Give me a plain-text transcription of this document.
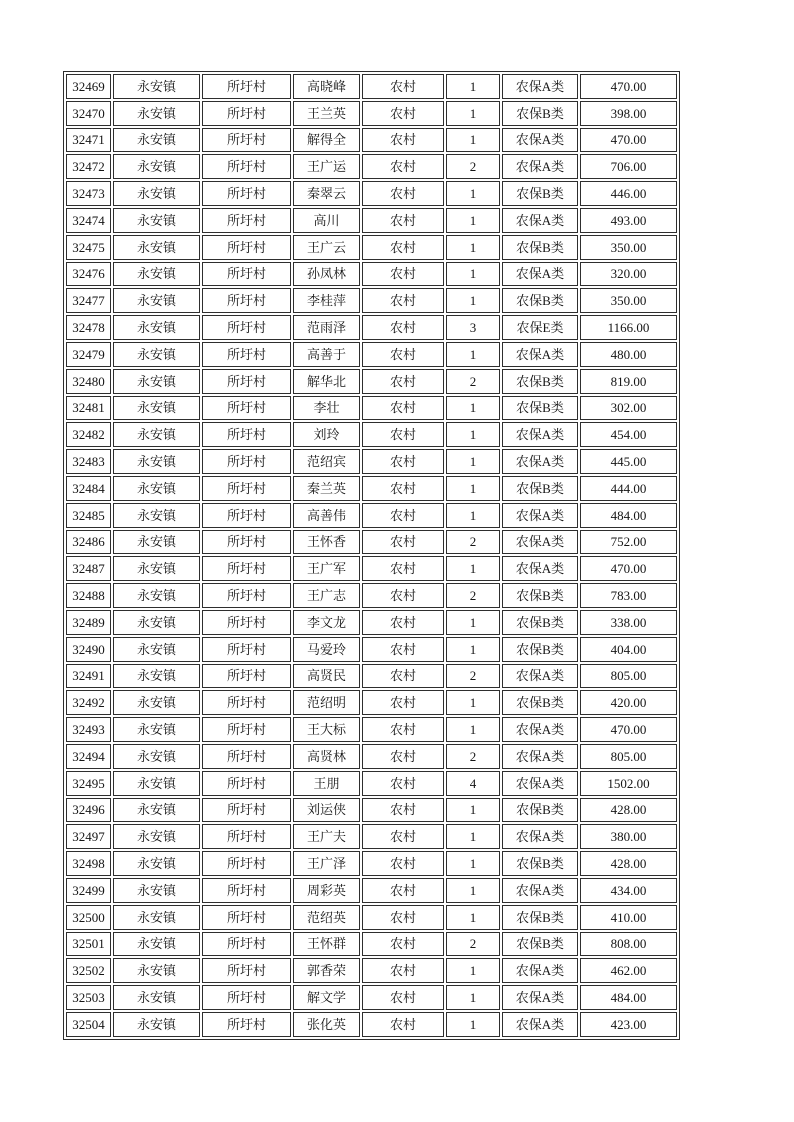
32469	永安镇	所圩村	高晓峰	农村	1	农保A类	470.00
32470	永安镇	所圩村	王兰英	农村	1	农保B类	398.00
32471	永安镇	所圩村	解得全	农村	1	农保A类	470.00
32472	永安镇	所圩村	王广运	农村	2	农保A类	706.00
32473	永安镇	所圩村	秦翠云	农村	1	农保B类	446.00
32474	永安镇	所圩村	高川	农村	1	农保A类	493.00
32475	永安镇	所圩村	王广云	农村	1	农保B类	350.00
32476	永安镇	所圩村	孙凤林	农村	1	农保A类	320.00
32477	永安镇	所圩村	李桂萍	农村	1	农保B类	350.00
32478	永安镇	所圩村	范雨泽	农村	3	农保E类	1166.00
32479	永安镇	所圩村	高善于	农村	1	农保A类	480.00
32480	永安镇	所圩村	解华北	农村	2	农保B类	819.00
32481	永安镇	所圩村	李壮	农村	1	农保B类	302.00
32482	永安镇	所圩村	刘玲	农村	1	农保A类	454.00
32483	永安镇	所圩村	范绍宾	农村	1	农保A类	445.00
32484	永安镇	所圩村	秦兰英	农村	1	农保B类	444.00
32485	永安镇	所圩村	高善伟	农村	1	农保A类	484.00
32486	永安镇	所圩村	王怀香	农村	2	农保A类	752.00
32487	永安镇	所圩村	王广军	农村	1	农保A类	470.00
32488	永安镇	所圩村	王广志	农村	2	农保B类	783.00
32489	永安镇	所圩村	李文龙	农村	1	农保B类	338.00
32490	永安镇	所圩村	马爱玲	农村	1	农保B类	404.00
32491	永安镇	所圩村	高贤民	农村	2	农保A类	805.00
32492	永安镇	所圩村	范绍明	农村	1	农保B类	420.00
32493	永安镇	所圩村	王大标	农村	1	农保A类	470.00
32494	永安镇	所圩村	高贤林	农村	2	农保A类	805.00
32495	永安镇	所圩村	王朋	农村	4	农保A类	1502.00
32496	永安镇	所圩村	刘运侠	农村	1	农保B类	428.00
32497	永安镇	所圩村	王广夫	农村	1	农保A类	380.00
32498	永安镇	所圩村	王广泽	农村	1	农保B类	428.00
32499	永安镇	所圩村	周彩英	农村	1	农保A类	434.00
32500	永安镇	所圩村	范绍英	农村	1	农保B类	410.00
32501	永安镇	所圩村	王怀群	农村	2	农保B类	808.00
32502	永安镇	所圩村	郭香荣	农村	1	农保A类	462.00
32503	永安镇	所圩村	解文学	农村	1	农保A类	484.00
32504	永安镇	所圩村	张化英	农村	1	农保A类	423.00
